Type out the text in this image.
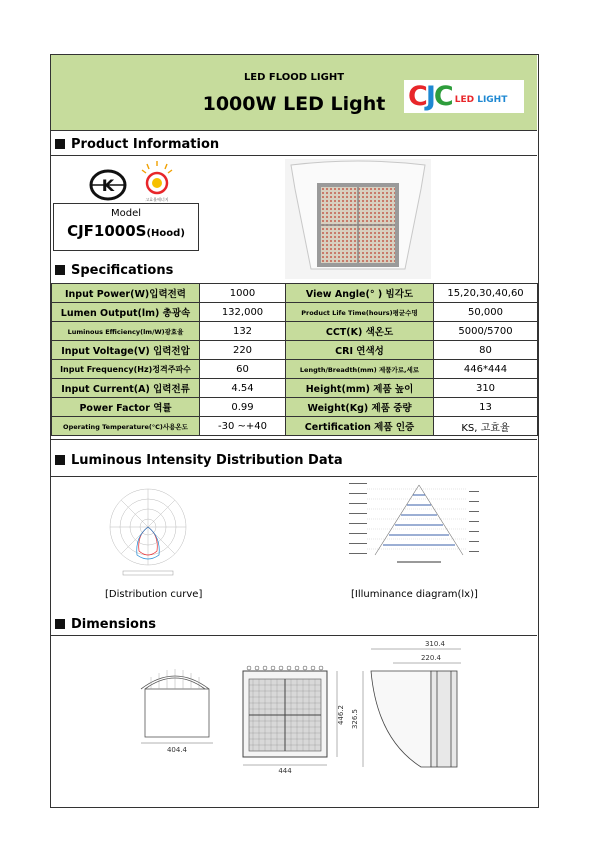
LED FLOOD LIGHT
1000W LED Light C J C LED LIGHT
Product Information
K
고효율에너지
Model
CJF1000S(Hood)
Specifications
Input Power(W)입력전력	1000	View Angle(° ) 빔각도	15,20,30,40,60
Lumen Output(lm) 총광속	132,000	Product Life Time(hours)평균수명	50,000
Luminous Efficiency(lm/W)광효율	132	CCT(K) 색온도	5000/5700
Input Voltage(V) 입력전압	220	CRI 연색성	80
Input Frequency(Hz)정격주파수	60	Length/Breadth(mm) 제품가로,세로	446*444
Input Current(A) 입력전류	4.54	Height(mm) 제품 높이	310
Power Factor 역률	0.99	Weight(Kg) 제품 중량	13
Operating Temperature(°C)사용온도	-30 ~+40	Certification 제품 인증	KS, 고효율
Luminous Intensity Distribution Data
[Distribution curve]	[Illuminance diagram(lx)]
Dimensions
404.4
444
446.2
310.4
220.4
326.5
